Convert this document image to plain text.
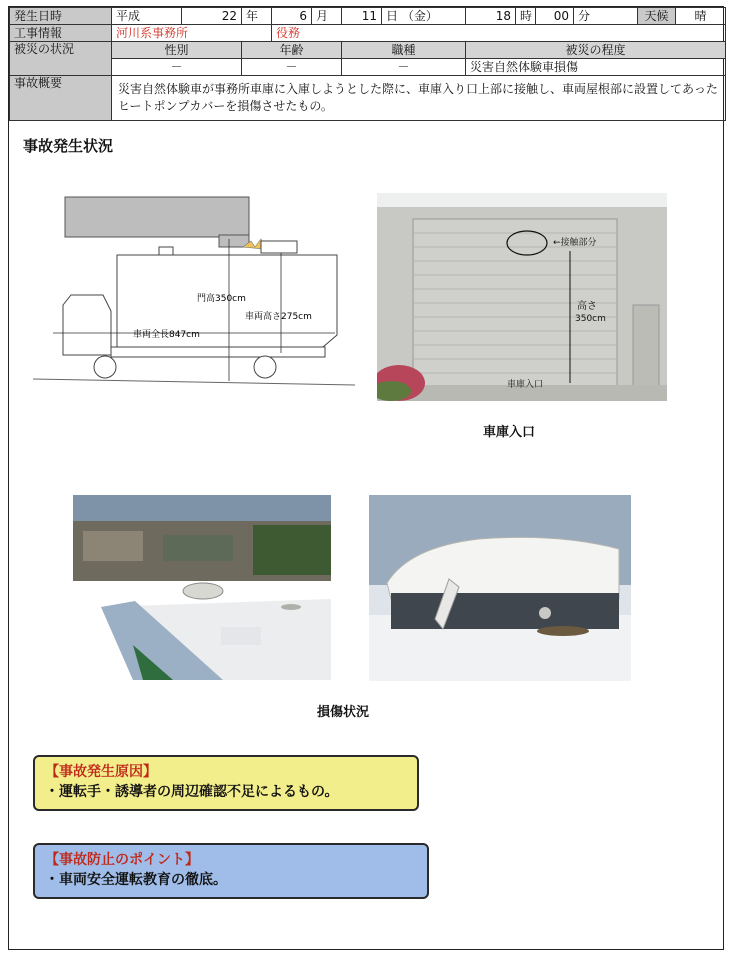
発生日時	平成	22	年	6	月	11	日 （金）	18	時	00	分	天候	晴
工事情報	河川系事務所			役務									
被災の状況	性別		年齢			職種		被災の程度					
	－		－			－		災害自然体験車損傷					
事故概要	災害自然体験車が事務所車庫に入庫しようとした際に、車庫入り口上部に接触し、車両屋根部に設置してあったヒートポンプカバーを損傷させたもの。												
事故発生状況
門高350cm
車両高さ275cm
車両全長847cm
←接触部分
高さ
350cm
車庫入口
車庫入口
損傷状況
【事故発生原因】
・運転手・誘導者の周辺確認不足によるもの。
【事故防止のポイント】
・車両安全運転教育の徹底。
